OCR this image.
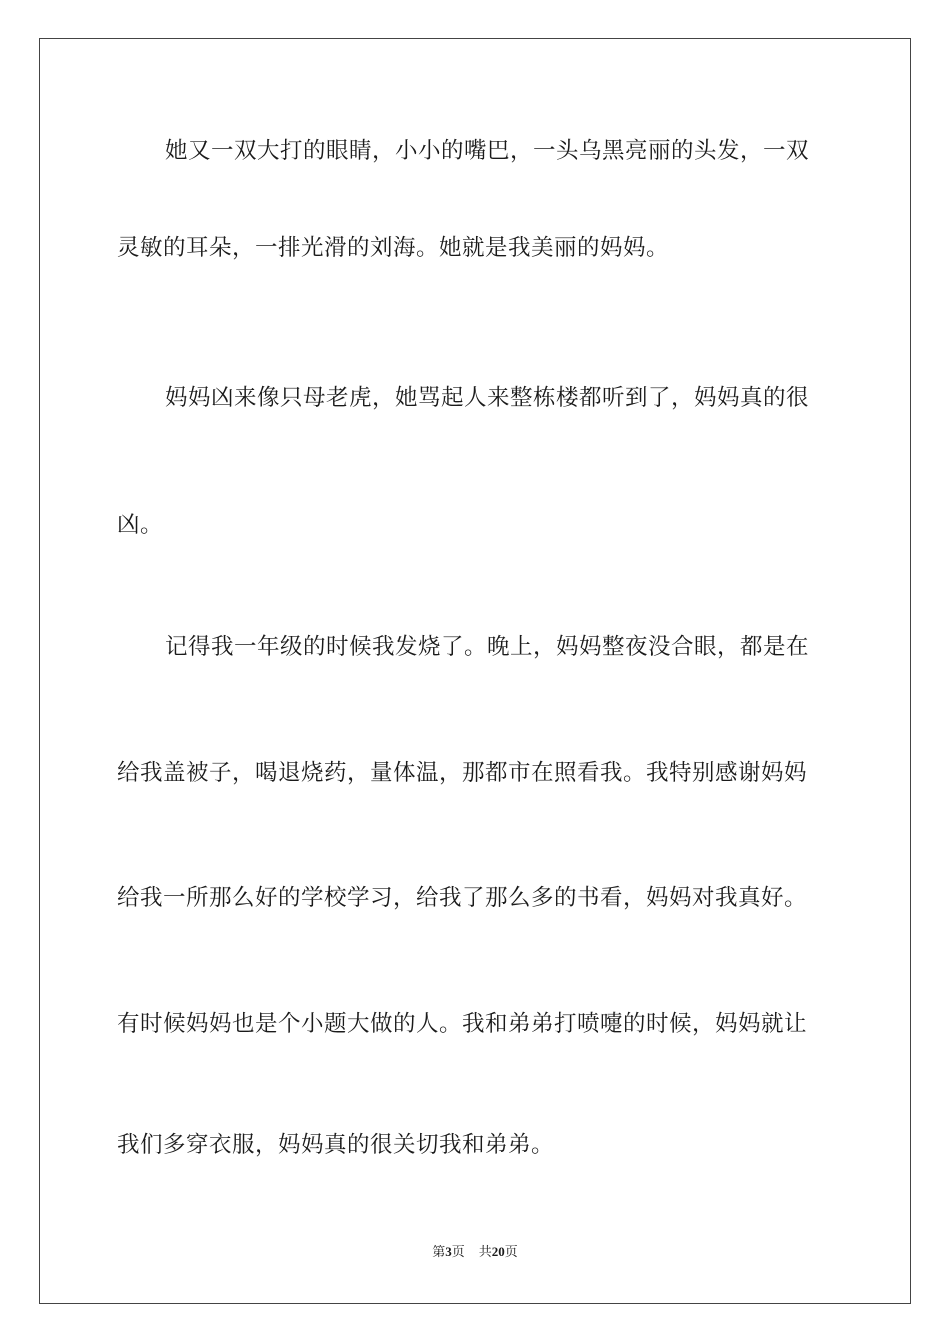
她又一双大打的眼睛，小小的嘴巴，一头乌黑亮丽的头发，一双
灵敏的耳朵，一排光滑的刘海。她就是我美丽的妈妈。
妈妈凶来像只母老虎，她骂起人来整栋楼都听到了，妈妈真的很
凶。
记得我一年级的时候我发烧了。晚上，妈妈整夜没合眼，都是在
给我盖被子，喝退烧药，量体温，那都市在照看我。我特别感谢妈妈
给我一所那么好的学校学习，给我了那么多的书看，妈妈对我真好。
有时候妈妈也是个小题大做的人。我和弟弟打喷嚏的时候，妈妈就让
我们多穿衣服，妈妈真的很关切我和弟弟。
第3页 共20页
